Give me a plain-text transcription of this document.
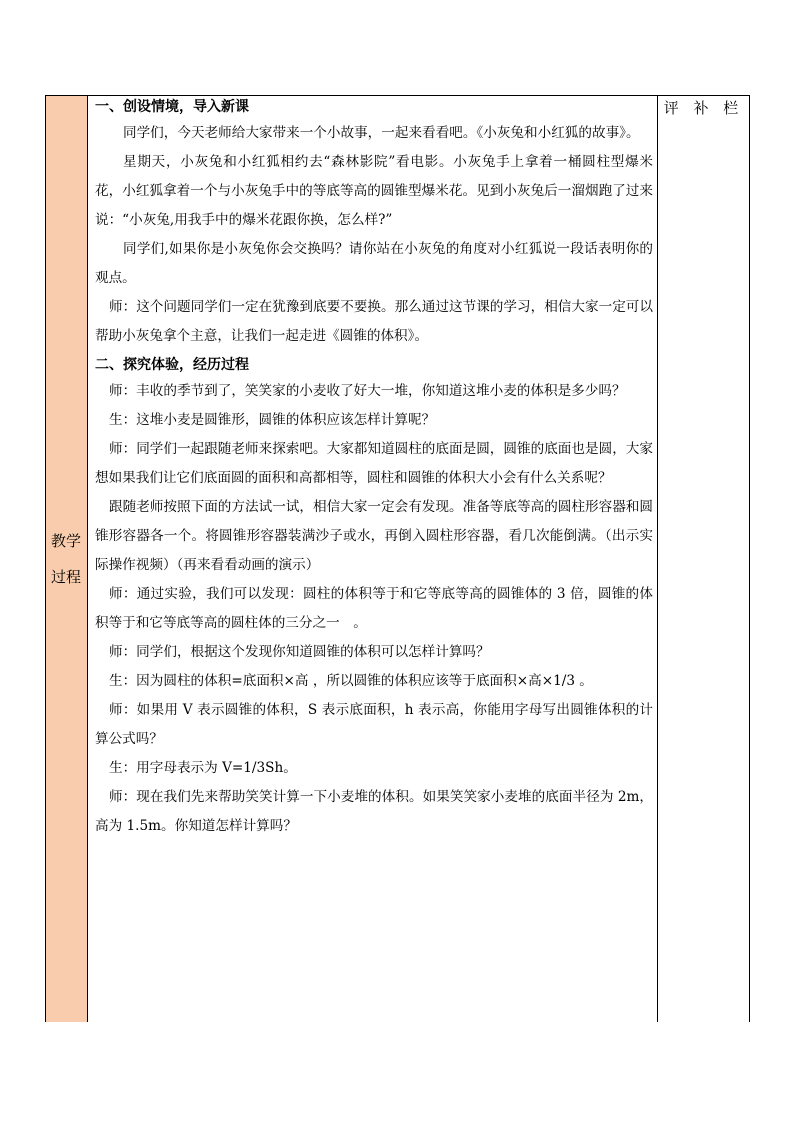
教学过程
评 补 栏

一、创设情境，导入新课

同学们，今天老师给大家带来一个小故事，一起来看看吧。《小灰兔和小红狐的故事》。

星期天，小灰兔和小红狐相约去“森林影院”看电影。小灰兔手上拿着一桶圆柱型爆米花，小红狐拿着一个与小灰兔手中的等底等高的圆锥型爆米花。见到小灰兔后一溜烟跑了过来说：“小灰兔,用我手中的爆米花跟你换，怎么样?”

同学们,如果你是小灰兔你会交换吗？请你站在小灰兔的角度对小红狐说一段话表明你的观点。

师：这个问题同学们一定在犹豫到底要不要换。那么通过这节课的学习，相信大家一定可以帮助小灰兔拿个主意，让我们一起走进《圆锥的体积》。

二、探究体验，经历过程

师：丰收的季节到了，笑笑家的小麦收了好大一堆，你知道这堆小麦的体积是多少吗？

生：这堆小麦是圆锥形，圆锥的体积应该怎样计算呢？

师：同学们一起跟随老师来探索吧。大家都知道圆柱的底面是圆，圆锥的底面也是圆，大家想如果我们让它们底面圆的面积和高都相等，圆柱和圆锥的体积大小会有什么关系呢？

跟随老师按照下面的方法试一试，相信大家一定会有发现。准备等底等高的圆柱形容器和圆锥形容器各一个。将圆锥形容器装满沙子或水，再倒入圆柱形容器，看几次能倒满。（出示实际操作视频）（再来看看动画的演示）

师：通过实验，我们可以发现：圆柱的体积等于和它等底等高的圆锥体的 3 倍，圆锥的体积等于和它等底等高的圆柱体的三分之一　。

师：同学们，根据这个发现你知道圆锥的体积可以怎样计算吗？

生：因为圆柱的体积=底面积×高 ，所以圆锥的体积应该等于底面积×高×1/3 。

师：如果用 V 表示圆锥的体积，S 表示底面积，h 表示高，你能用字母写出圆锥体积的计算公式吗？

生：用字母表示为 V=1/3Sh。

师：现在我们先来帮助笑笑计算一下小麦堆的体积。如果笑笑家小麦堆的底面半径为 2m，高为 1.5m。你知道怎样计算吗？
